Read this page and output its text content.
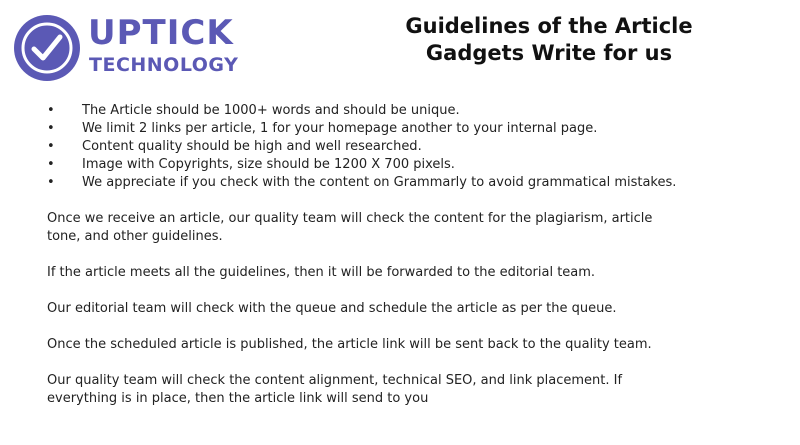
UPTICK
TECHNOLOGY
Guidelines of the Article
Gadgets Write for us
• The Article should be 1000+ words and should be unique.
• We limit 2 links per article, 1 for your homepage another to your internal page.
• Content quality should be high and well researched.
• Image with Copyrights, size should be 1200 X 700 pixels.
• We appreciate if you check with the content on Grammarly to avoid grammatical mistakes.

Once we receive an article, our quality team will check the content for the plagiarism, article tone, and other guidelines.

If the article meets all the guidelines, then it will be forwarded to the editorial team.

Our editorial team will check with the queue and schedule the article as per the queue.

Once the scheduled article is published, the article link will be sent back to the quality team.

Our quality team will check the content alignment, technical SEO, and link placement. If everything is in place, then the article link will send to you
